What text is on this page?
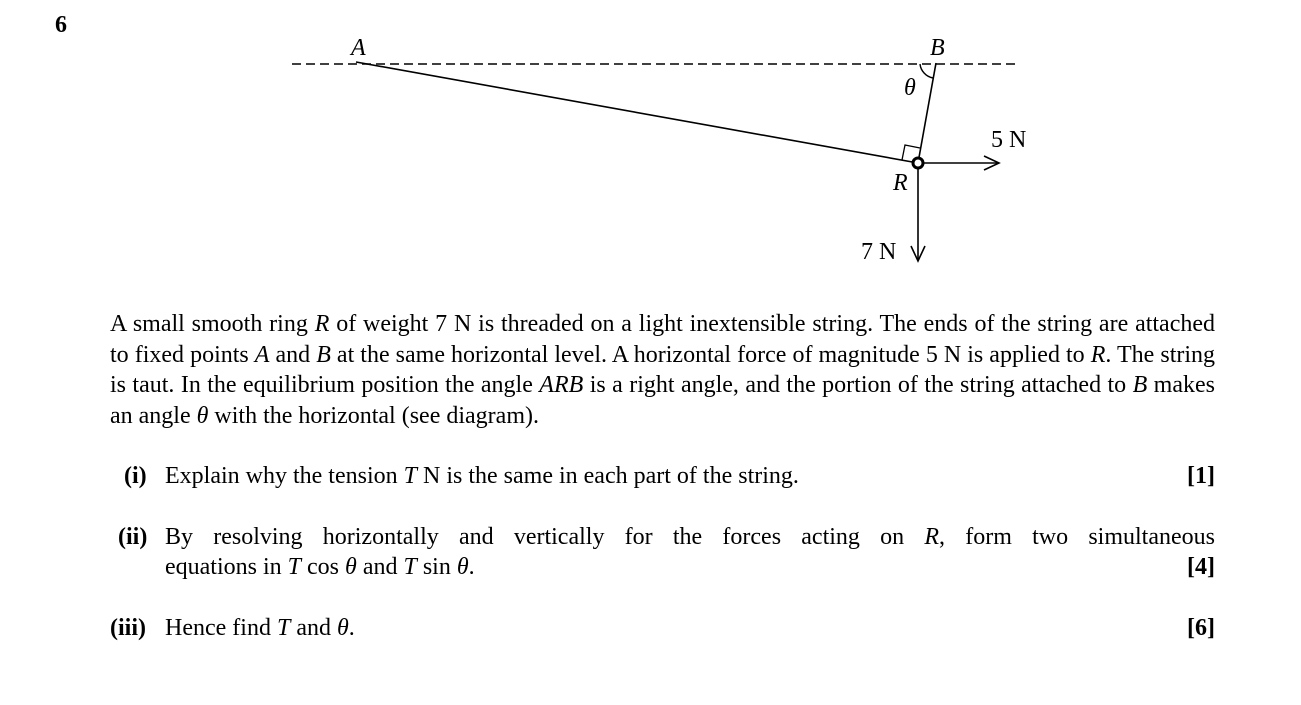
6
A	B
θ
R
5 N
7 N
A small smooth ring R of weight 7 N is threaded on a light inextensible string. The ends of the string are attached to fixed points A and B at the same horizontal level. A horizontal force of magnitude 5 N is applied to R. The string is taut. In the equilibrium position the angle ARB is a right angle, and the portion of the string attached to B makes an angle θ with the horizontal (see diagram).
(i) Explain why the tension T N is the same in each part of the string.	[1]
(ii) By resolving horizontally and vertically for the forces acting on R, form two simultaneous
equations in T cos θ and T sin θ.	[4]
(iii) Hence find T and θ.	[6]
